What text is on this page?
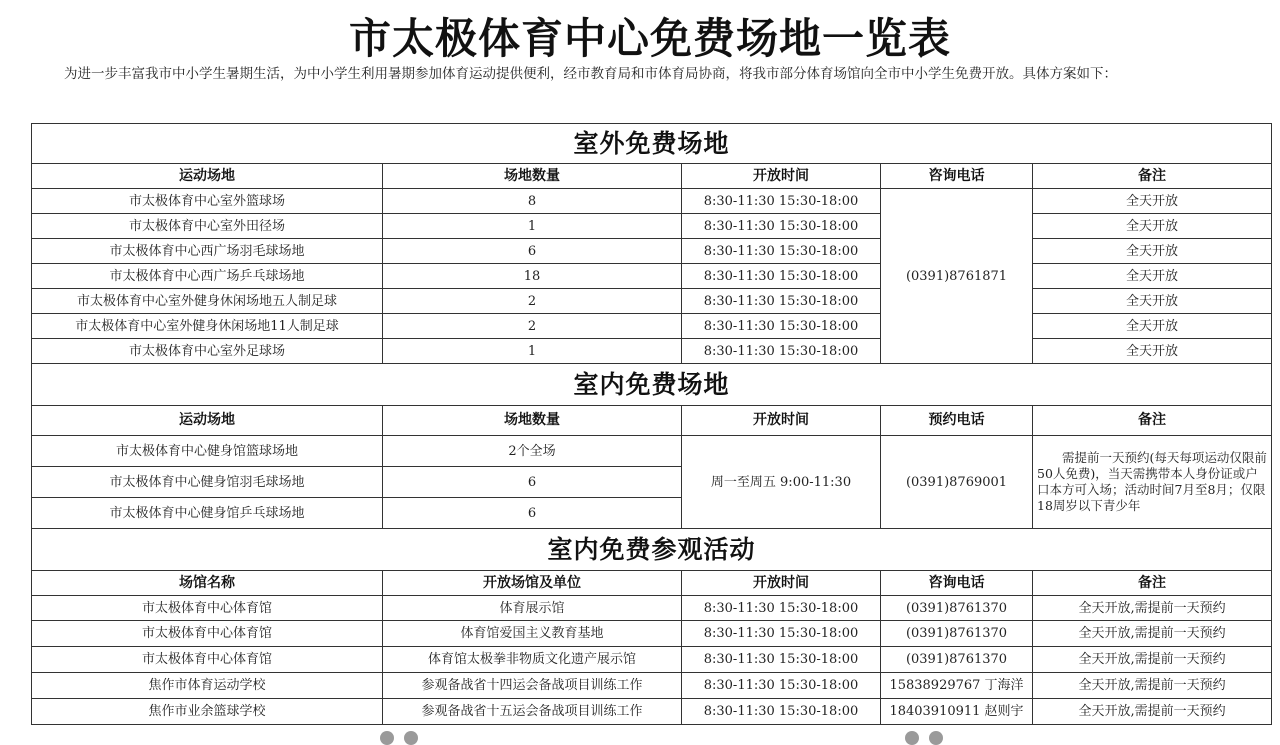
市太极体育中心免费场地一览表
为进一步丰富我市中小学生暑期生活，为中小学生利用暑期参加体育运动提供便利，经市教育局和市体育局协商，将我市部分体育场馆向全市中小学生免费开放。具体方案如下：
室外免费场地				
运动场地	场地数量	开放时间	咨询电话	备注
市太极体育中心室外篮球场	8	8:30-11:30 15:30-18:00	(0391)8761871	全天开放
市太极体育中心室外田径场	1	8:30-11:30 15:30-18:00		全天开放
市太极体育中心西广场羽毛球场地	6	8:30-11:30 15:30-18:00		全天开放
市太极体育中心西广场乒乓球场地	18	8:30-11:30 15:30-18:00		全天开放
市太极体育中心室外健身休闲场地五人制足球	2	8:30-11:30 15:30-18:00		全天开放
市太极体育中心室外健身休闲场地11人制足球	2	8:30-11:30 15:30-18:00		全天开放
市太极体育中心室外足球场	1	8:30-11:30 15:30-18:00		全天开放
室内免费场地				
运动场地	场地数量	开放时间	预约电话	备注
市太极体育中心健身馆篮球场地	2个全场	周一至周五 9:00-11:30	(0391)8769001	需提前一天预约(每天每项运动仅限前50人免费)，当天需携带本人身份证或户口本方可入场；活动时间7月至8月；仅限18周岁以下青少年
市太极体育中心健身馆羽毛球场地	6			
市太极体育中心健身馆乒乓球场地	6			
室内免费参观活动				
场馆名称	开放场馆及单位	开放时间	咨询电话	备注
市太极体育中心体育馆	体育展示馆	8:30-11:30 15:30-18:00	(0391)8761370	全天开放,需提前一天预约
市太极体育中心体育馆	体育馆爱国主义教育基地	8:30-11:30 15:30-18:00	(0391)8761370	全天开放,需提前一天预约
市太极体育中心体育馆	体育馆太极拳非物质文化遗产展示馆	8:30-11:30 15:30-18:00	(0391)8761370	全天开放,需提前一天预约
焦作市体育运动学校	参观备战省十四运会备战项目训练工作	8:30-11:30 15:30-18:00	15838929767 丁海洋	全天开放,需提前一天预约
焦作市业余篮球学校	参观备战省十五运会备战项目训练工作	8:30-11:30 15:30-18:00	18403910911 赵则宇	全天开放,需提前一天预约
